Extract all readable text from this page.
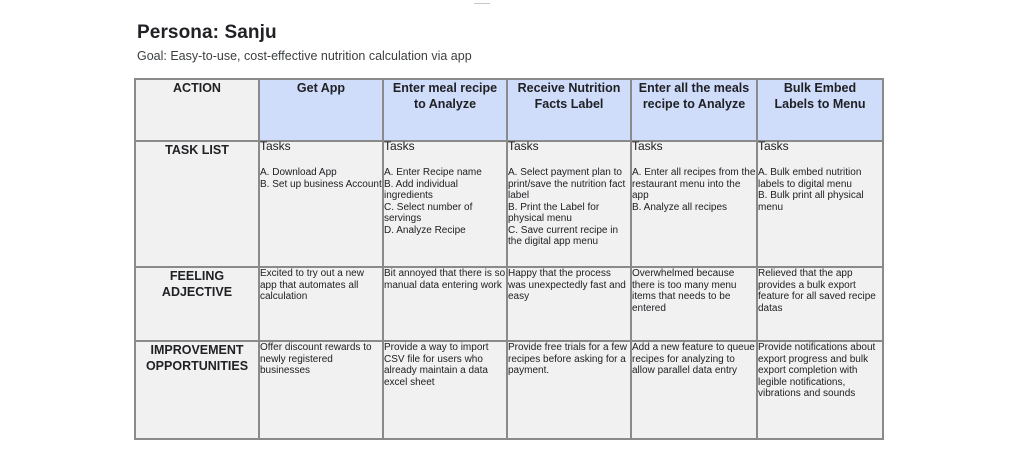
Persona: Sanju
Goal: Easy-to-use, cost-effective nutrition calculation via app
ACTION	Get App	Enter meal recipe to Analyze	Receive Nutrition Facts Label	Enter all the meals recipe to Analyze	Bulk Embed Labels to Menu

TASK LIST	Tasks
A. Download App
B. Set up business Account	Tasks
A. Enter Recipe name
B. Add individual ingredients
C. Select number of servings
D. Analyze Recipe	Tasks
A. Select payment plan to print/save the nutrition fact label
B. Print the Label for physical menu
C. Save current recipe in the digital app menu	Tasks
A. Enter all recipes from the restaurant menu into the app
B. Analyze all recipes	Tasks
A. Bulk embed nutrition labels to digital menu
B. Bulk print all physical menu

FEELING ADJECTIVE	Excited to try out a new app that automates all calculation	Bit annoyed that there is so manual data entering work	Happy that the process was unexpectedly fast and easy	Overwhelmed because there is too many menu items that needs to be entered	Relieved that the app provides a bulk export feature for all saved recipe datas
IMPROVEMENT OPPORTUNITIES	Offer discount rewards to newly registered businesses	Provide a way to import CSV file for users who already maintain a data excel sheet	Provide free trials for a few recipes before asking for a payment.	Add a new feature to queue recipes for analyzing to allow parallel data entry	Provide notifications about export progress and bulk export completion with legible notifications, vibrations and sounds
